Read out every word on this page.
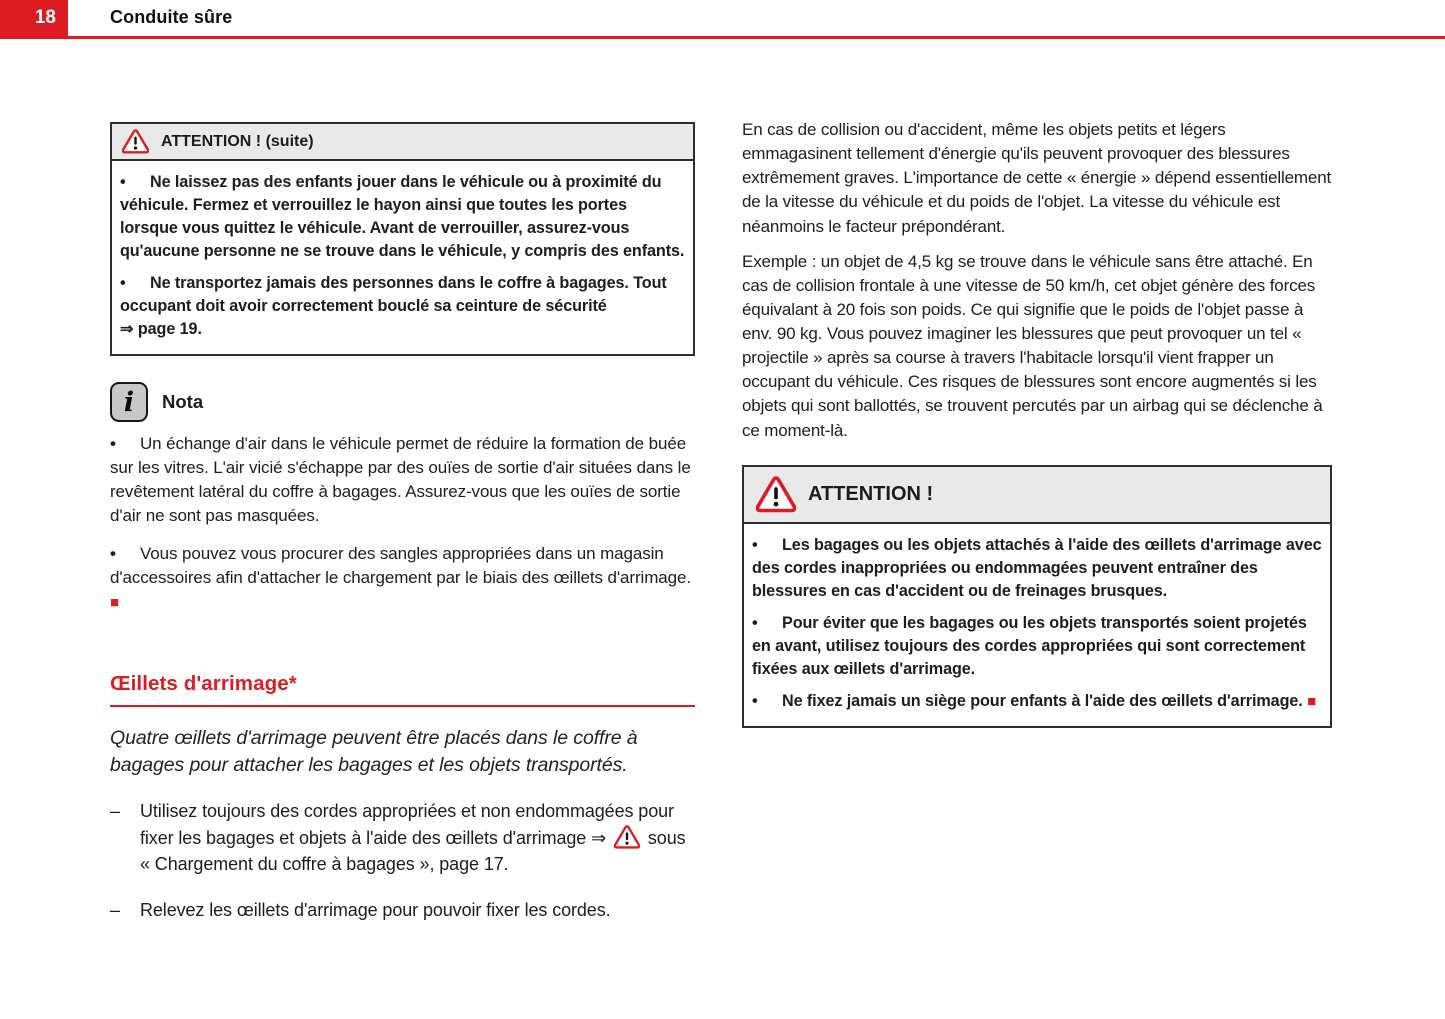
18	Conduite sûre
ATTENTION ! (suite)

• Ne laissez pas des enfants jouer dans le véhicule ou à proximité du véhicule. Fermez et verrouillez le hayon ainsi que toutes les portes lorsque vous quittez le véhicule. Avant de verrouiller, assurez-vous qu'aucune personne ne se trouve dans le véhicule, y compris des enfants.

• Ne transportez jamais des personnes dans le coffre à bagages. Tout occupant doit avoir correctement bouclé sa ceinture de sécurité
⇒ page 19.

i	Nota

• Un échange d'air dans le véhicule permet de réduire la formation de buée sur les vitres. L'air vicié s'échappe par des ouïes de sortie d'air situées dans le revêtement latéral du coffre à bagages. Assurez-vous que les ouïes de sortie d'air ne sont pas masquées.

• Vous pouvez vous procurer des sangles appropriées dans un magasin d'accessoires afin d'attacher le chargement par le biais des œillets d'arrimage. ■

Œillets d'arrimage*

Quatre œillets d'arrimage peuvent être placés dans le coffre à bagages pour attacher les bagages et les objets transportés.

–	Utilisez toujours des cordes appropriées et non endommagées pour fixer les bagages et objets à l'aide des œillets d'arrimage ⇒ sous « Chargement du coffre à bagages », page 17.
–	Relevez les œillets d'arrimage pour pouvoir fixer les cordes.

En cas de collision ou d'accident, même les objets petits et légers emmagasinent tellement d'énergie qu'ils peuvent provoquer des blessures extrêmement graves. L'importance de cette « énergie » dépend essentiellement de la vitesse du véhicule et du poids de l'objet. La vitesse du véhicule est néanmoins le facteur prépondérant.

Exemple : un objet de 4,5 kg se trouve dans le véhicule sans être attaché. En cas de collision frontale à une vitesse de 50 km/h, cet objet génère des forces équivalant à 20 fois son poids. Ce qui signifie que le poids de l'objet passe à env. 90 kg. Vous pouvez imaginer les blessures que peut provoquer un tel « projectile » après sa course à travers l'habitacle lorsqu'il vient frapper un occupant du véhicule. Ces risques de blessures sont encore augmentés si les objets qui sont ballottés, se trouvent percutés par un airbag qui se déclenche à ce moment-là.

ATTENTION !

• Les bagages ou les objets attachés à l'aide des œillets d'arrimage avec des cordes inappropriées ou endommagées peuvent entraîner des blessures en cas d'accident ou de freinages brusques.

• Pour éviter que les bagages ou les objets transportés soient projetés en avant, utilisez toujours des cordes appropriées qui sont correctement fixées aux œillets d'arrimage.

• Ne fixez jamais un siège pour enfants à l'aide des œillets d'arrimage. ■
